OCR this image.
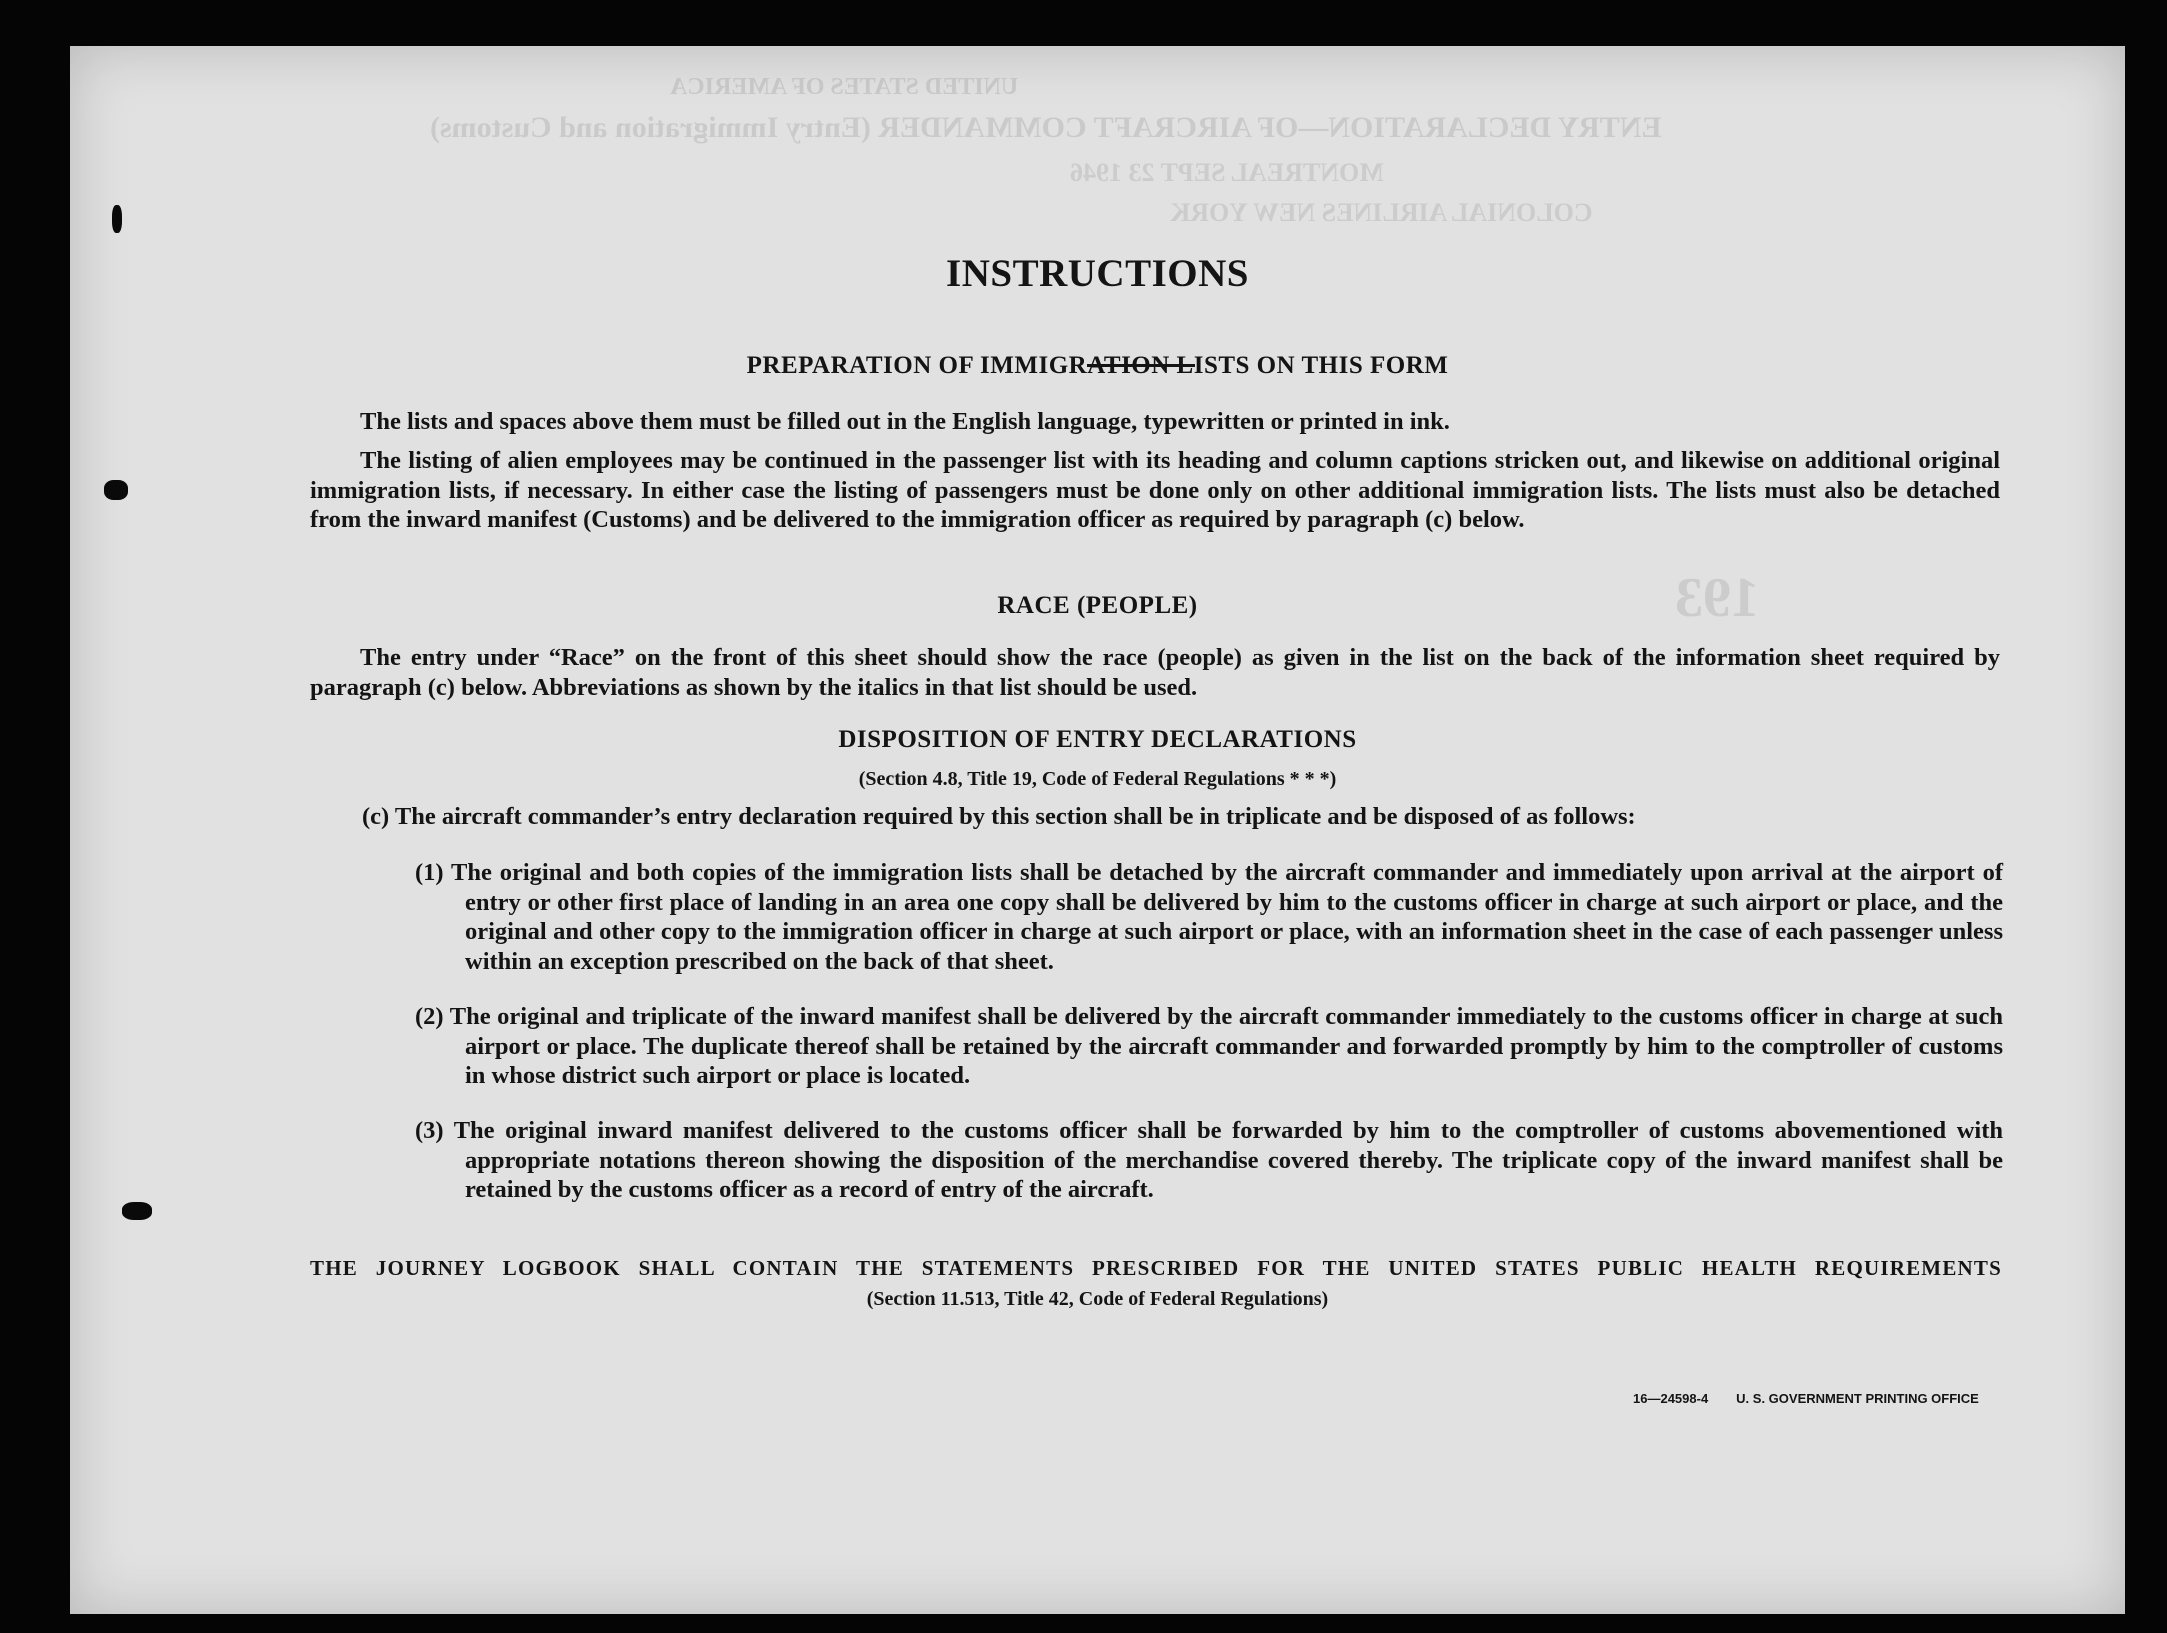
UNITED STATES OF AMERICA
ENTRY DECLARATION—OF AIRCRAFT COMMANDER (Entry Immigration and Customs)
MONTREAL SEPT 23 1946
COLONIAL AIRLINES NEW YORK
193
INSTRUCTIONS
PREPARATION OF IMMIGRATION LISTS ON THIS FORM
The lists and spaces above them must be filled out in the English language, typewritten or printed in ink.
The listing of alien employees may be continued in the passenger list with its heading and column captions stricken out, and likewise on additional original immigration lists, if necessary. In either case the listing of passengers must be done only on other additional immigration lists. The lists must also be detached from the inward manifest (Customs) and be delivered to the immigration officer as required by paragraph (c) below.
RACE (PEOPLE)
The entry under “Race” on the front of this sheet should show the race (people) as given in the list on the back of the information sheet required by paragraph (c) below. Abbreviations as shown by the italics in that list should be used.
DISPOSITION OF ENTRY DECLARATIONS
(Section 4.8, Title 19, Code of Federal Regulations * * *)
(c) The aircraft commander’s entry declaration required by this section shall be in triplicate and be disposed of as follows:
(1) The original and both copies of the immigration lists shall be detached by the aircraft commander and immediately upon arrival at the airport of entry or other first place of landing in an area one copy shall be delivered by him to the customs officer in charge at such airport or place, and the original and other copy to the immigration officer in charge at such airport or place, with an information sheet in the case of each passenger unless within an exception prescribed on the back of that sheet.
(2) The original and triplicate of the inward manifest shall be delivered by the aircraft commander immediately to the customs officer in charge at such airport or place. The duplicate thereof shall be retained by the aircraft commander and forwarded promptly by him to the comptroller of customs in whose district such airport or place is located.
(3) The original inward manifest delivered to the customs officer shall be forwarded by him to the comptroller of customs abovementioned with appropriate notations thereon showing the disposition of the merchandise covered thereby. The triplicate copy of the inward manifest shall be retained by the customs officer as a record of entry of the aircraft.
THE JOURNEY LOGBOOK SHALL CONTAIN THE STATEMENTS PRESCRIBED FOR THE UNITED STATES PUBLIC HEALTH REQUIREMENTS
(Section 11.513, Title 42, Code of Federal Regulations)
16—24598-4 U. S. GOVERNMENT PRINTING OFFICE
